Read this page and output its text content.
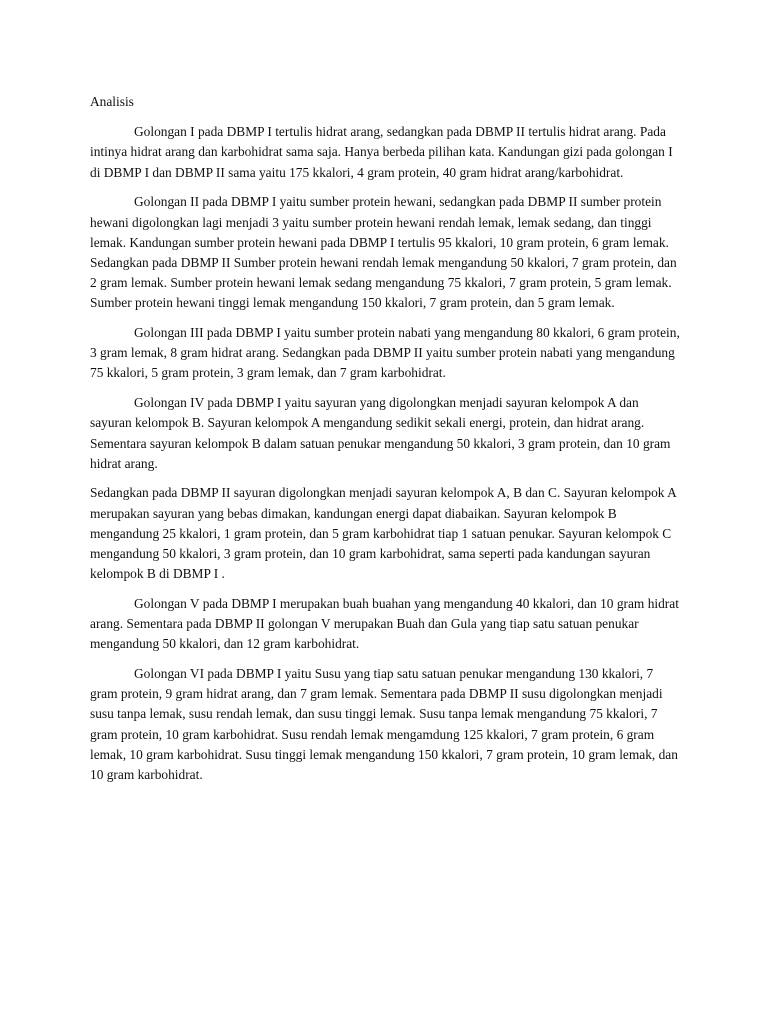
Analisis

Golongan I pada DBMP I tertulis hidrat arang, sedangkan pada DBMP II tertulis hidrat arang. Pada intinya hidrat arang dan karbohidrat sama saja. Hanya berbeda pilihan kata. Kandungan gizi pada golongan I di DBMP I dan DBMP II sama yaitu 175 kkalori, 4 gram protein, 40 gram hidrat arang/karbohidrat.

Golongan II pada DBMP I yaitu sumber protein hewani, sedangkan pada DBMP II sumber protein hewani digolongkan lagi menjadi 3 yaitu sumber protein hewani rendah lemak, lemak sedang, dan tinggi lemak. Kandungan sumber protein hewani pada DBMP I tertulis 95 kkalori, 10 gram protein, 6 gram lemak. Sedangkan pada DBMP II Sumber protein hewani rendah lemak mengandung 50 kkalori, 7 gram protein, dan 2 gram lemak. Sumber protein hewani lemak sedang mengandung 75 kkalori, 7 gram protein, 5 gram lemak. Sumber protein hewani tinggi lemak mengandung 150 kkalori, 7 gram protein, dan 5 gram lemak.

Golongan III pada DBMP I yaitu sumber protein nabati yang mengandung 80 kkalori, 6 gram protein, 3 gram lemak, 8 gram hidrat arang. Sedangkan pada DBMP II yaitu sumber protein nabati yang mengandung 75 kkalori, 5 gram protein, 3 gram lemak, dan 7 gram karbohidrat.

Golongan IV pada DBMP I yaitu sayuran yang digolongkan menjadi sayuran kelompok A dan sayuran kelompok B. Sayuran kelompok A mengandung sedikit sekali energi, protein, dan hidrat arang. Sementara sayuran kelompok B dalam satuan penukar mengandung 50 kkalori, 3 gram protein, dan 10 gram hidrat arang.

Sedangkan pada DBMP II sayuran digolongkan menjadi sayuran kelompok A, B dan C. Sayuran kelompok A merupakan sayuran yang bebas dimakan, kandungan energi dapat diabaikan. Sayuran kelompok B mengandung 25 kkalori, 1 gram protein, dan 5 gram karbohidrat tiap 1 satuan penukar. Sayuran kelompok C mengandung 50 kkalori, 3 gram protein, dan 10 gram karbohidrat, sama seperti pada kandungan sayuran kelompok B di DBMP I .

Golongan V pada DBMP I merupakan buah buahan yang mengandung 40 kkalori, dan 10 gram hidrat arang. Sementara pada DBMP II golongan V merupakan Buah dan Gula yang tiap satu satuan penukar mengandung 50 kkalori, dan 12 gram karbohidrat.

Golongan VI pada DBMP I yaitu Susu yang tiap satu satuan penukar mengandung 130 kkalori, 7 gram protein, 9 gram hidrat arang, dan 7 gram lemak. Sementara pada DBMP II susu digolongkan menjadi susu tanpa lemak, susu rendah lemak, dan susu tinggi lemak. Susu tanpa lemak mengandung 75 kkalori, 7 gram protein, 10 gram karbohidrat. Susu rendah lemak mengamdung 125 kkalori, 7 gram protein, 6 gram lemak, 10 gram karbohidrat. Susu tinggi lemak mengandung 150 kkalori, 7 gram protein, 10 gram lemak, dan 10 gram karbohidrat.
